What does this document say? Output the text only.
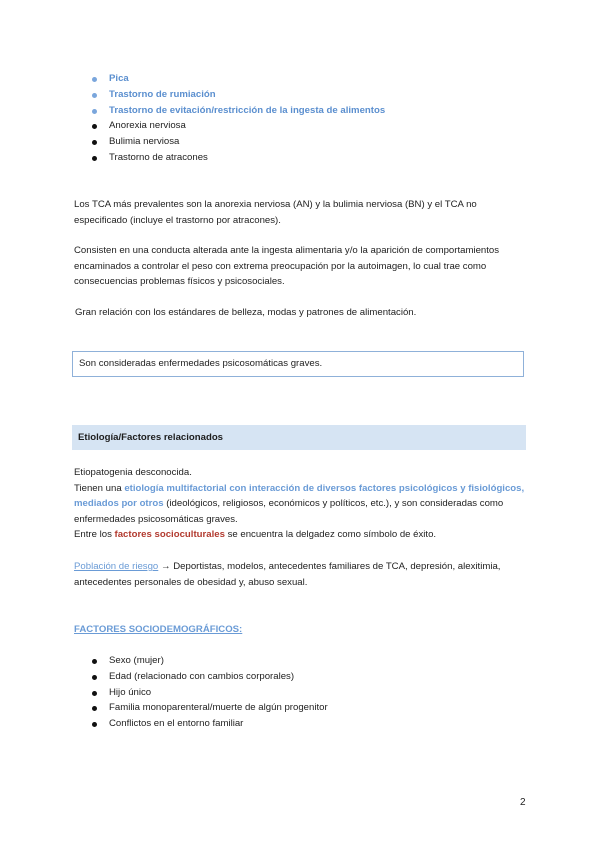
Pica
Trastorno de rumiación
Trastorno de evitación/restricción de la ingesta de alimentos
Anorexia nerviosa
Bulimia nerviosa
Trastorno de atracones
Los TCA más prevalentes son la anorexia nerviosa (AN) y la bulimia nerviosa (BN) y el TCA no
especificado (incluye el trastorno por atracones).
Consisten en una conducta alterada ante la ingesta alimentaria y/o la aparición de comportamientos
encaminados a controlar el peso con extrema preocupación por la autoimagen, lo cual trae como
consecuencias problemas físicos y psicosociales.
Gran relación con los estándares de belleza, modas y patrones de alimentación.
Son consideradas enfermedades psicosomáticas graves.
Etiología/Factores relacionados
Etiopatogenia desconocida.
Tienen una etiología multifactorial con interacción de diversos factores psicológicos y fisiológicos,
mediados por otros (ideológicos, religiosos, económicos y políticos, etc.), y son consideradas como
enfermedades psicosomáticas graves.
Entre los factores socioculturales se encuentra la delgadez como símbolo de éxito.
Población de riesgo → Deportistas, modelos, antecedentes familiares de TCA, depresión, alexitimia,
antecedentes personales de obesidad y, abuso sexual.
FACTORES SOCIODEMOGRÁFICOS:
Sexo (mujer)
Edad (relacionado con cambios corporales)
Hijo único
Familia monoparenteral/muerte de algún progenitor
Conflictos en el entorno familiar
2
